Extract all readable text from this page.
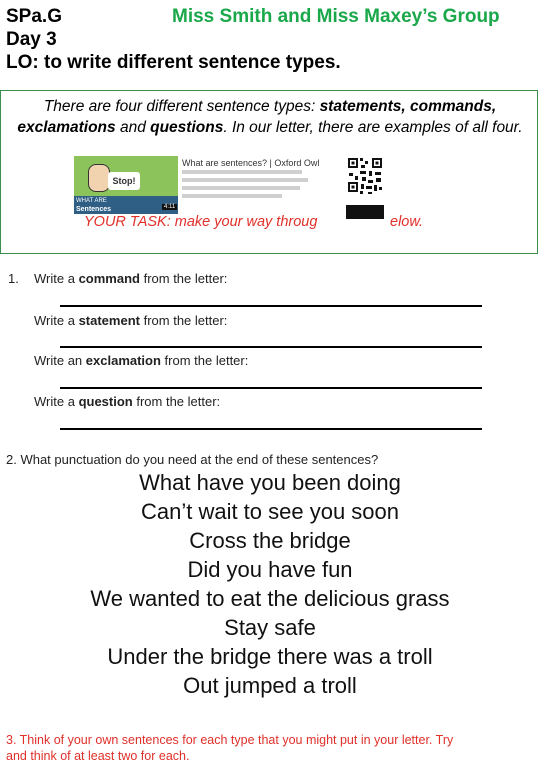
SPa.G	Miss Smith and Miss Maxey’s Group
Day 3
LO: to write different sentence types.
There are four different sentence types: statements, commands,
exclamations and questions. In our letter, there are examples of all four.
Stop!
WHAT ARE
Sentences	4:11
What are sentences? | Oxford Owl
YOUR TASK: make your way throug	elow.
1. Write a command from the letter:
Write a statement from the letter:
Write an exclamation from the letter:
Write a question from the letter:
2. What punctuation do you need at the end of these sentences?
What have you been doing
Can’t wait to see you soon
Cross the bridge
Did you have fun
We wanted to eat the delicious grass
Stay safe
Under the bridge there was a troll
Out jumped a troll
3. Think of your own sentences for each type that you might put in your letter. Try
and think of at least two for each.
